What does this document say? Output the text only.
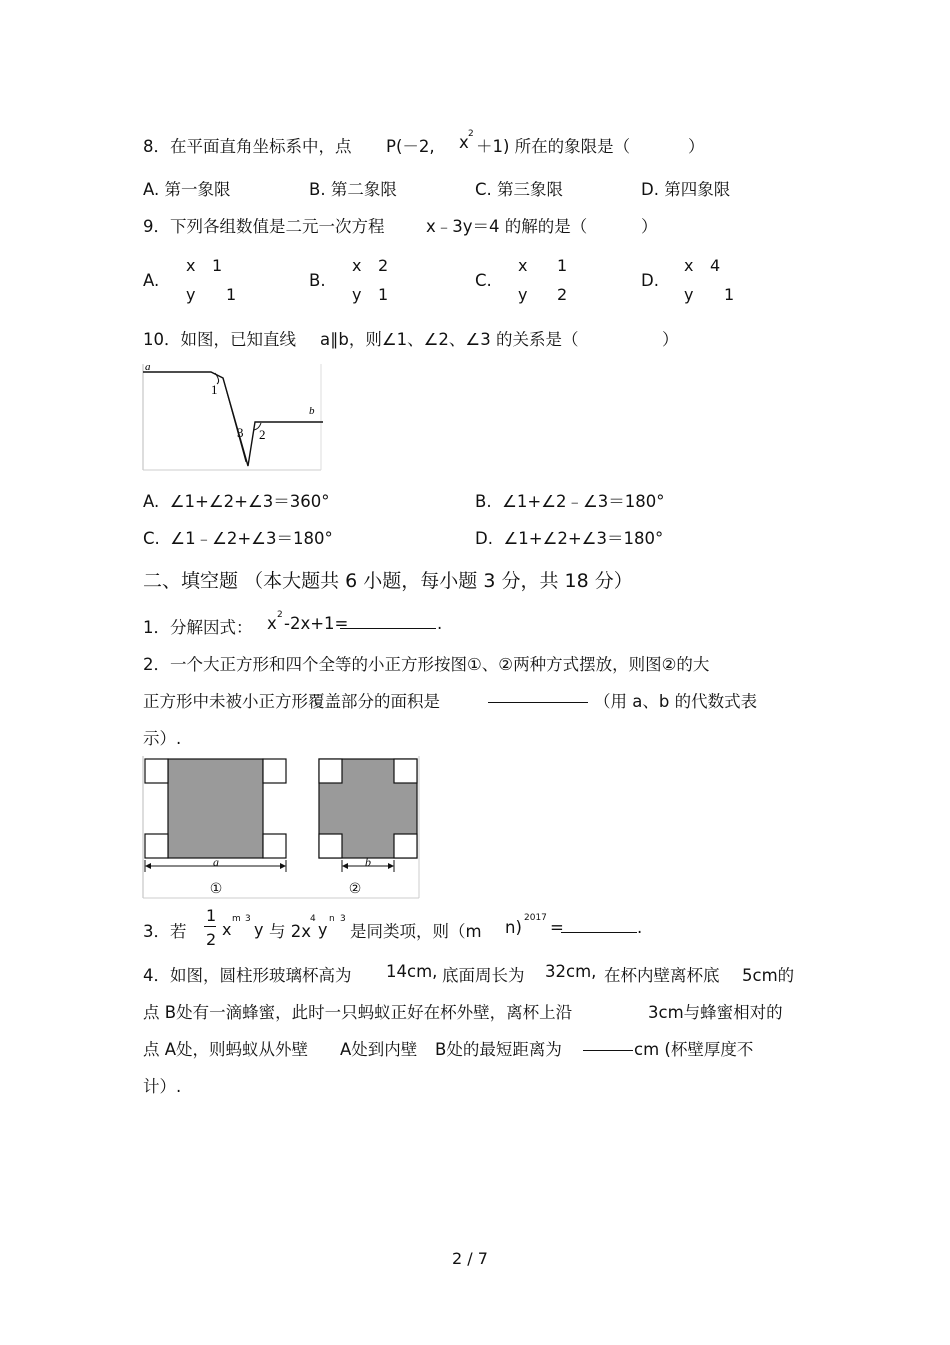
8．在平面直角坐标系中，点 P(－2, x 2
＋1) 所在的象限是（	）
A. 第一象限	B. 第二象限	C. 第三象限	D. 第四象限
9．下列各组数值是二元一次方程	x﹣3y＝4 的解的是（	）
A.
x 1
y 1
B.
x 2
y 1
C.
x 1
y 2
D.
x 4
y 1
10．如图，已知直线 a∥b，则∠1、∠2、∠3 的关系是（	）
a
b
1
2
3
A. ∠1+∠2+∠3＝360°	B. ∠1+∠2﹣∠3＝180°
C. ∠1﹣∠2+∠3＝180°	D. ∠1+∠2+∠3＝180°
二、填空题 （本大题共 6 小题，每小题 3 分，共 18 分）
1．分解因式： x 2 -2x+1=	.
2．一个大正方形和四个全等的小正方形按图①、②两种方式摆放，则图②的大
正方形中未被小正方形覆盖部分的面积是	（用 a、b 的代数式表
示）.
a
①
b
②
3．若
1
2
x
m 3
y 与 2x
4
y
n 3
是同类项，则（m n) 2017 =	.
4．如图，圆柱形玻璃杯高为 14cm, 底面周长为 32cm, 在杯内壁离杯底 5cm的
点 B处有一滴蜂蜜，此时一只蚂蚁正好在杯外壁，离杯上沿	3cm与蜂蜜相对的
点 A处，则蚂蚁从外壁 A处到内壁 B处的最短距离为	cm (杯壁厚度不
计）.
2 / 7
